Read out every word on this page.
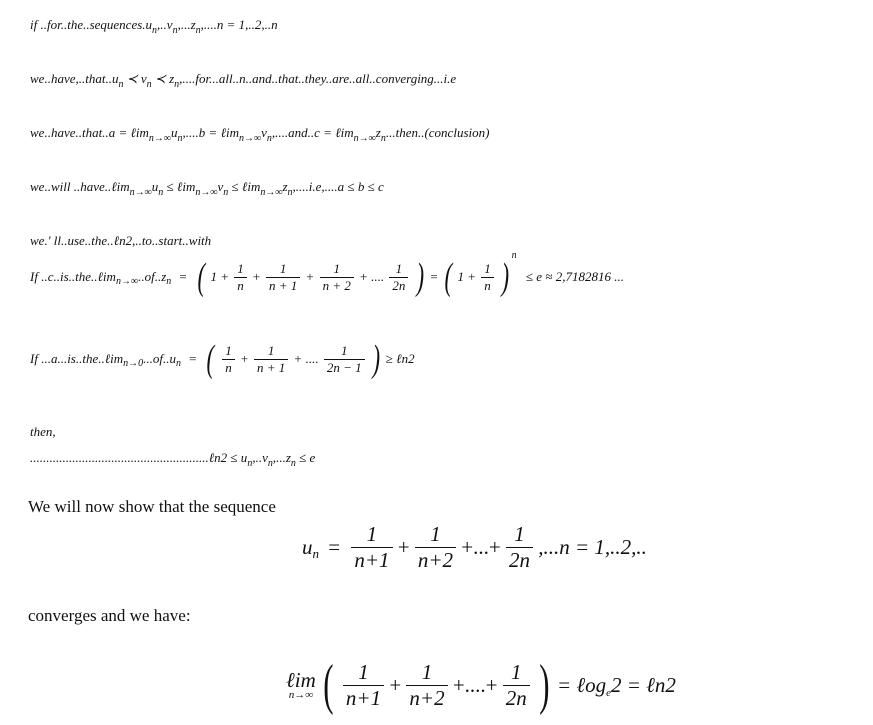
if $..for..the..sequences.u_n,..v_n,...z_n,....n = 1,..2,..n$
$we..have,..that..u_n$ ≺ $v_n$ ≺ $z_n,....for...all..n..and..that..they..are..all..converging...i.e$
we..have..that..a = $\ell im_{n\to\infty}u_n,....b$ = $\ell im_{n\to\infty}v_n,....and..c$ = $\ell im_{n\to\infty}z_n...then..(conclusion)$
we..will $..have..\ell im_{n\to\infty}u_n$ ≤ $\ell im_{n\to\infty}v_n$ ≤ $\ell im_{n\to\infty}z_n,....i.e,....a \le b \le c$
we.' ll..use..the..ℓn2,..to..start..with
If ..c..is..the..ℓimn→∞..of..zn = ( $1 + \frac{1}{n} + \frac{1}{n + 1} + \frac{1}{n + 2}$ + .... $\frac{1}{2n}$ ) = ( $1 + \frac{1}{n} )^n \le e \approx 2,7182816$ ...
If ...a...is..the..ℓimn→0...of..un = ( $\frac{1}{n} + \frac{1}{n + 1}$ + .... $\frac{1}{2n - 1}$ ) ≥ ℓn2
then,
.......................................................ℓn2 ≤ $u_n,..v_n,...z_n \le e$
We will now show that the sequence
un = $\frac{1}{n+1} + \frac{1}{n+2}$ +...+ $\frac{1}{2n} ,...n = 1,..2$,..
converges and we have:
ℓim
n→∞ ( $\frac{1}{n+1} + \frac{1}{n+2}$ +....+ $\frac{1}{2n}$ ) = ℓoge2 = ℓn2
